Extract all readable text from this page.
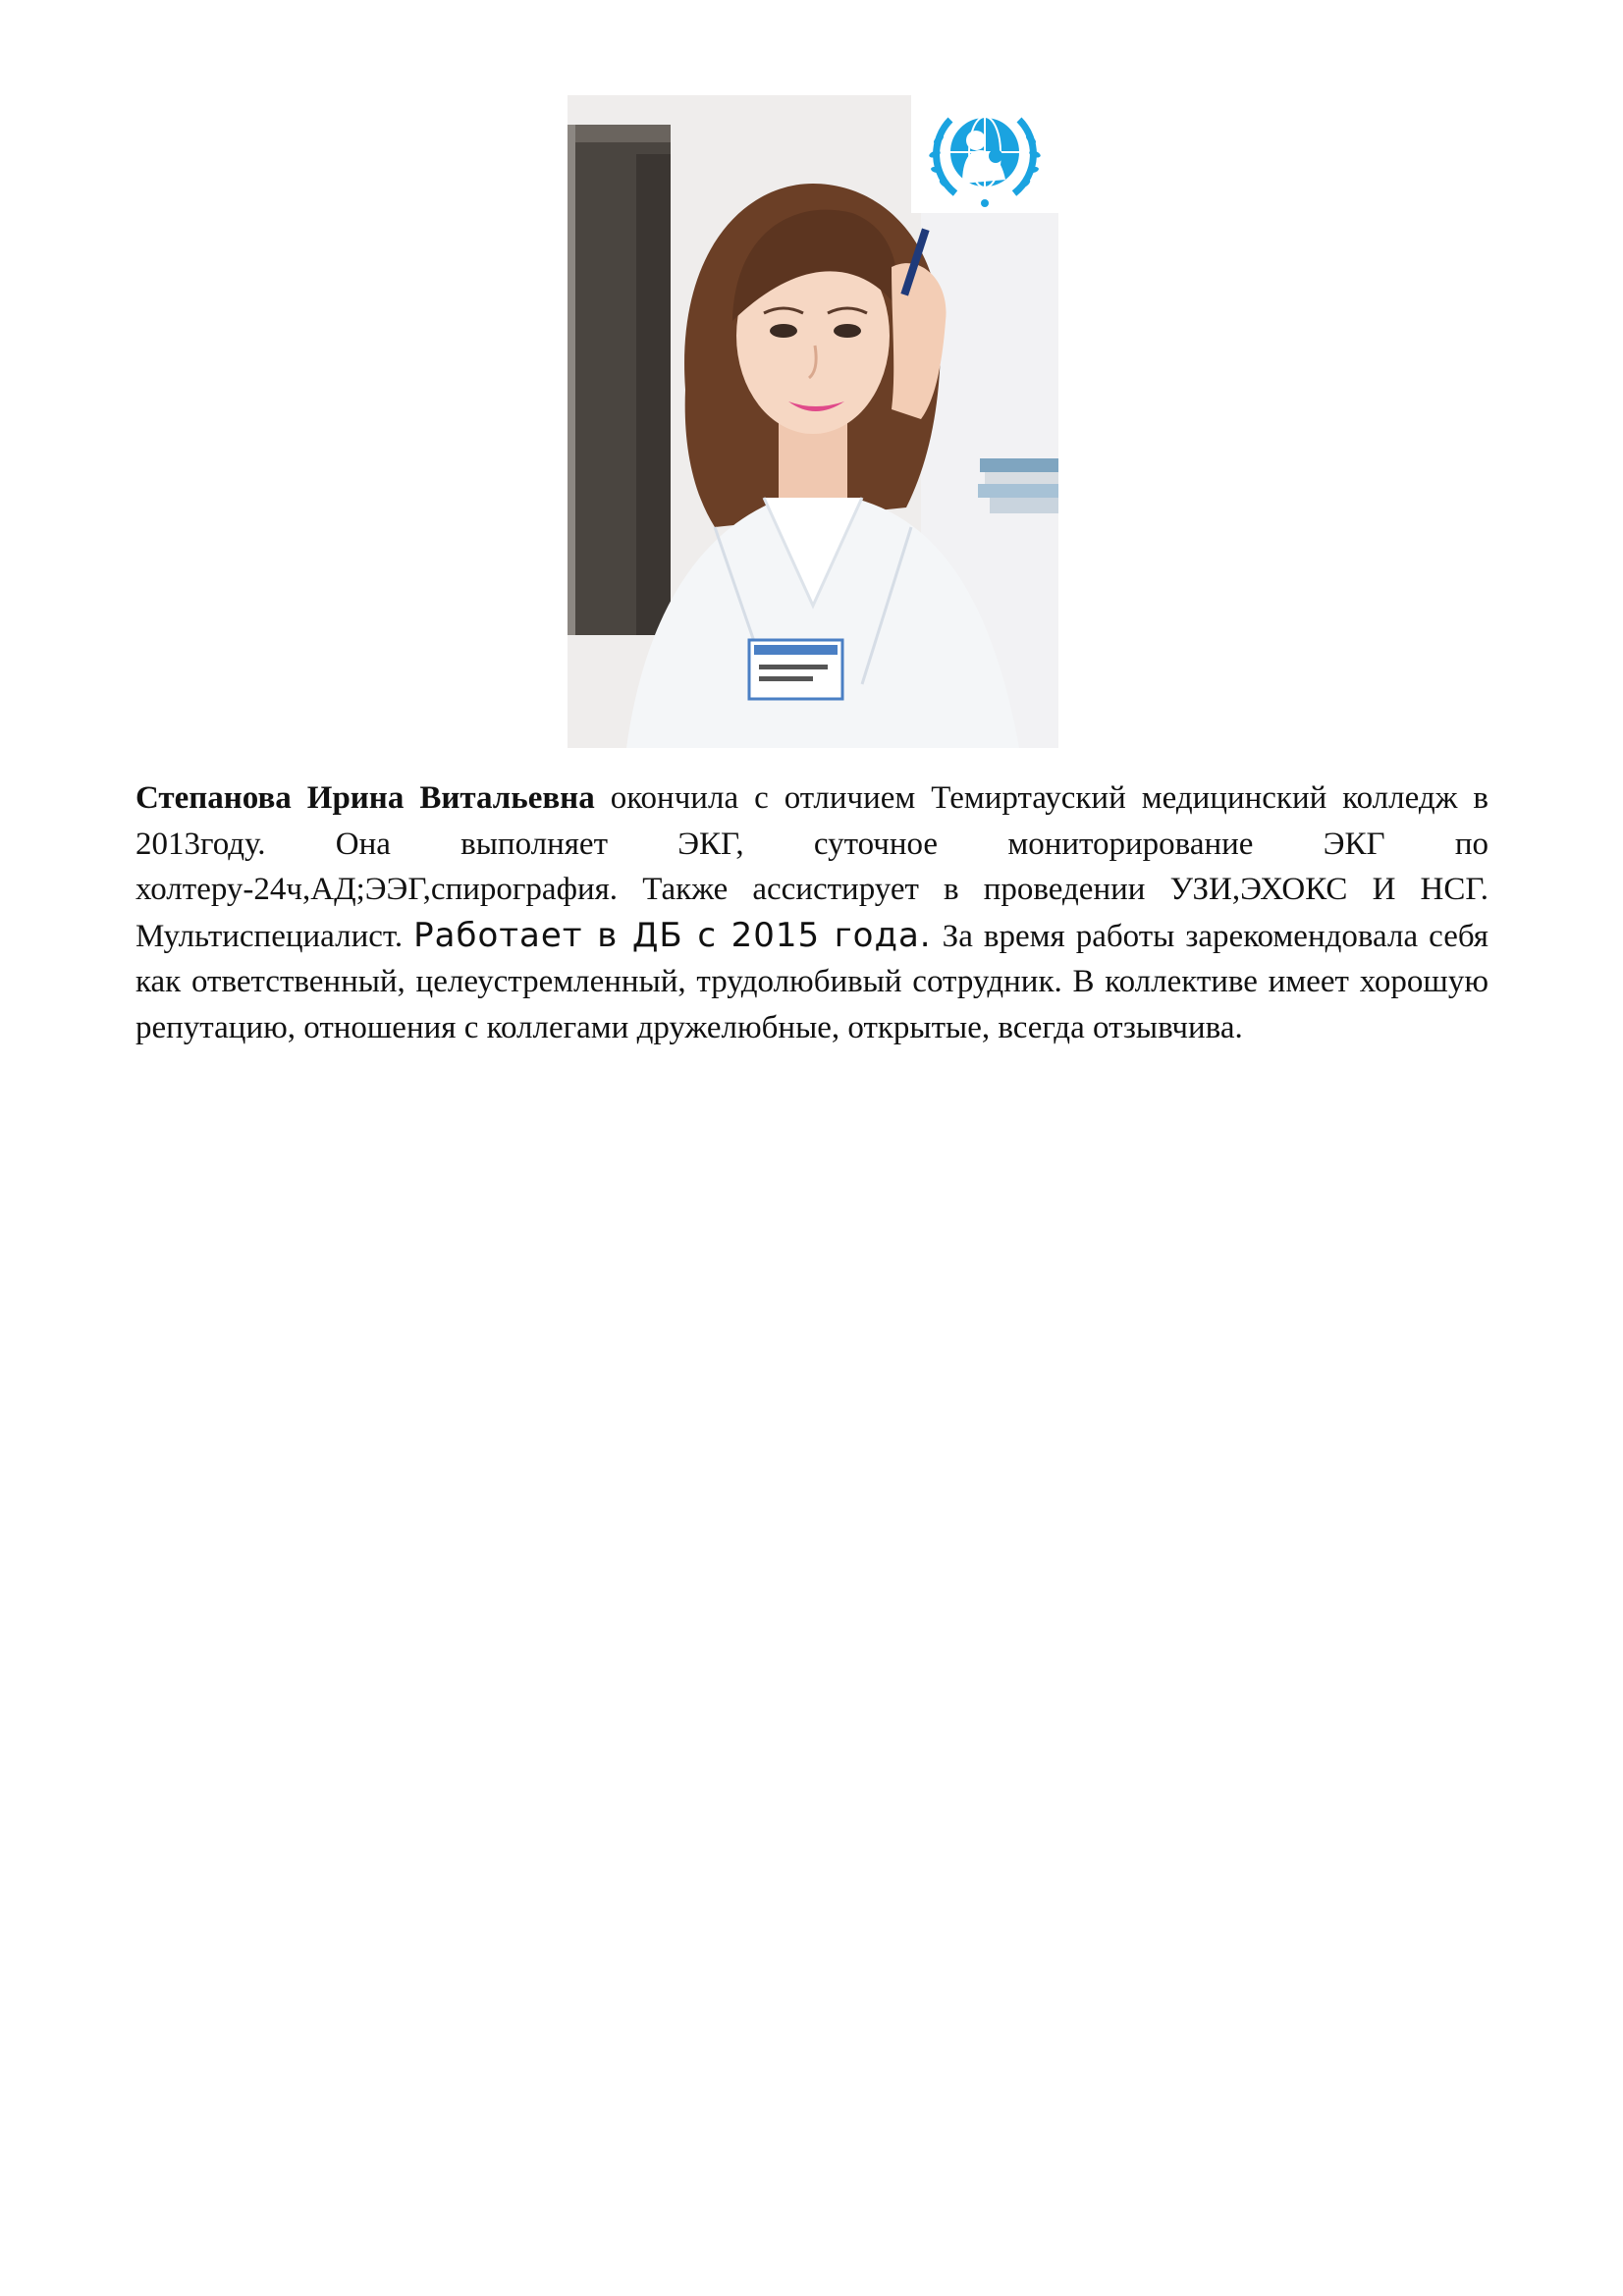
Степанова Ирина Витальевна окончила с отличием Темиртауский медицинский колледж в 2013году. Она выполняет ЭКГ, суточное мониторирование ЭКГ по холтеру-24ч,АД;ЭЭГ,спирография. Также ассистирует в проведении УЗИ,ЭХОКС И НСГ. Мультиспециалист. Работает в ДБ с 2015 года. За время работы зарекомендовала себя как ответственный, целеустремленный, трудолюбивый сотрудник. В коллективе имеет хорошую репутацию, отношения с коллегами дружелюбные, открытые, всегда отзывчива.
